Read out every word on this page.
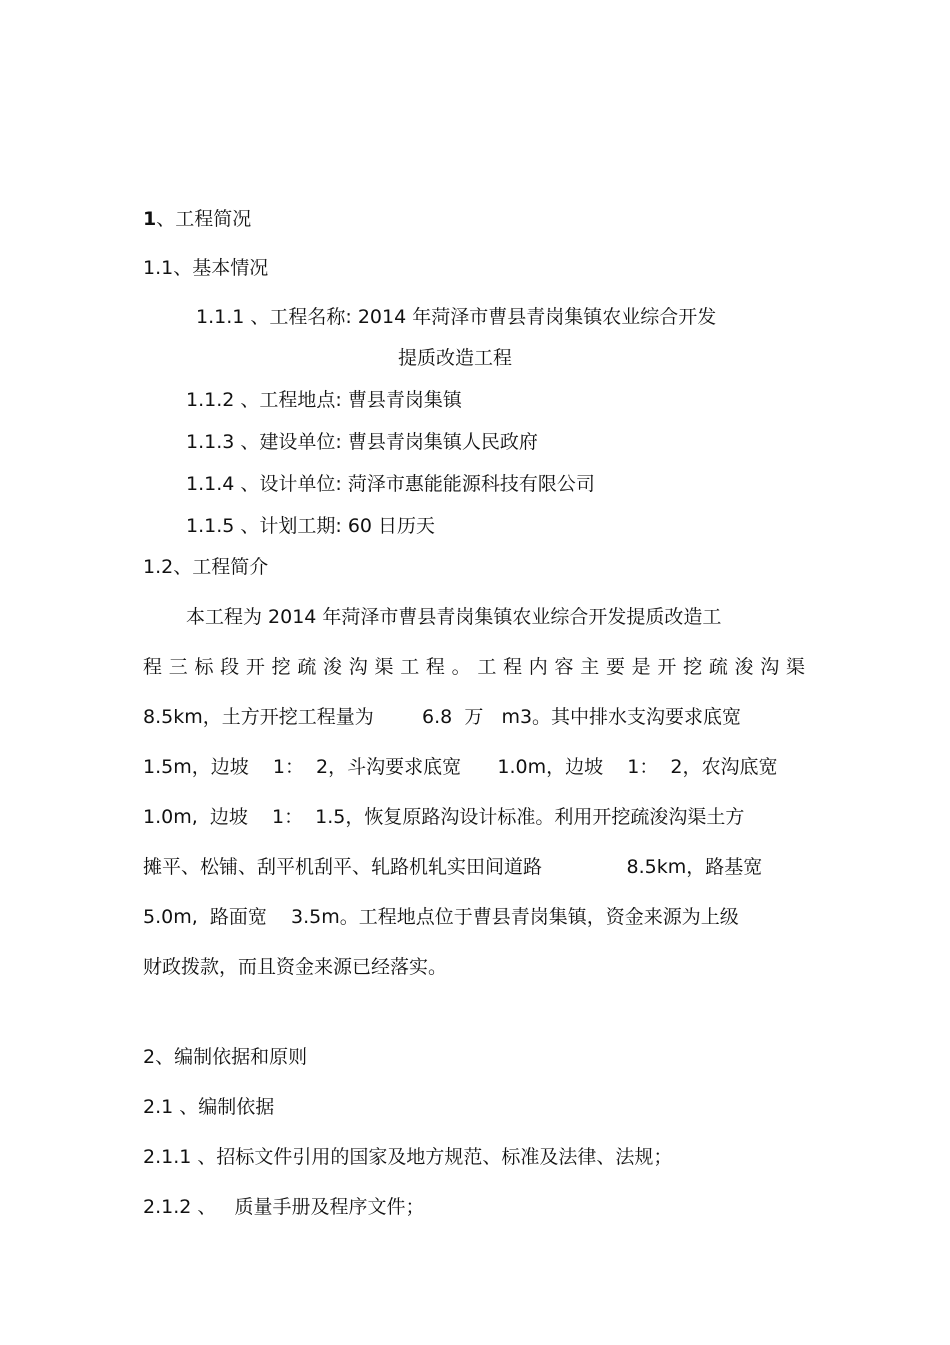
1、工程简况
1.1、基本情况
1.1.1 、工程名称: 2014 年菏泽市曹县青岗集镇农业综合开发
提质改造工程
1.1.2 、工程地点: 曹县青岗集镇
1.1.3 、建设单位: 曹县青岗集镇人民政府
1.1.4 、设计单位: 菏泽市惠能能源科技有限公司
1.1.5 、计划工期: 60 日历天
1.2、工程简介
本工程为 2014 年菏泽市曹县青岗集镇农业综合开发提质改造工
程 三 标 段 开 挖 疏 浚 沟 渠 工 程 。 工 程 内 容 主 要 是 开 挖 疏 浚 沟 渠
8.5km，土方开挖工程量为        6.8  万   m3。其中排水支沟要求底宽
1.5m，边坡    1：  2，斗沟要求底宽      1.0m，边坡    1：  2，农沟底宽
1.0m,  边坡    1：  1.5，恢复原路沟设计标准。利用开挖疏浚沟渠土方
摊平、松铺、刮平机刮平、轧路机轧实田间道路              8.5km，路基宽
5.0m,  路面宽    3.5m。工程地点位于曹县青岗集镇，资金来源为上级
财政拨款，而且资金来源已经落实。
2、编制依据和原则
2.1 、编制依据
2.1.1 、招标文件引用的国家及地方规范、标准及法律、法规；
2.1.2 、   质量手册及程序文件；
